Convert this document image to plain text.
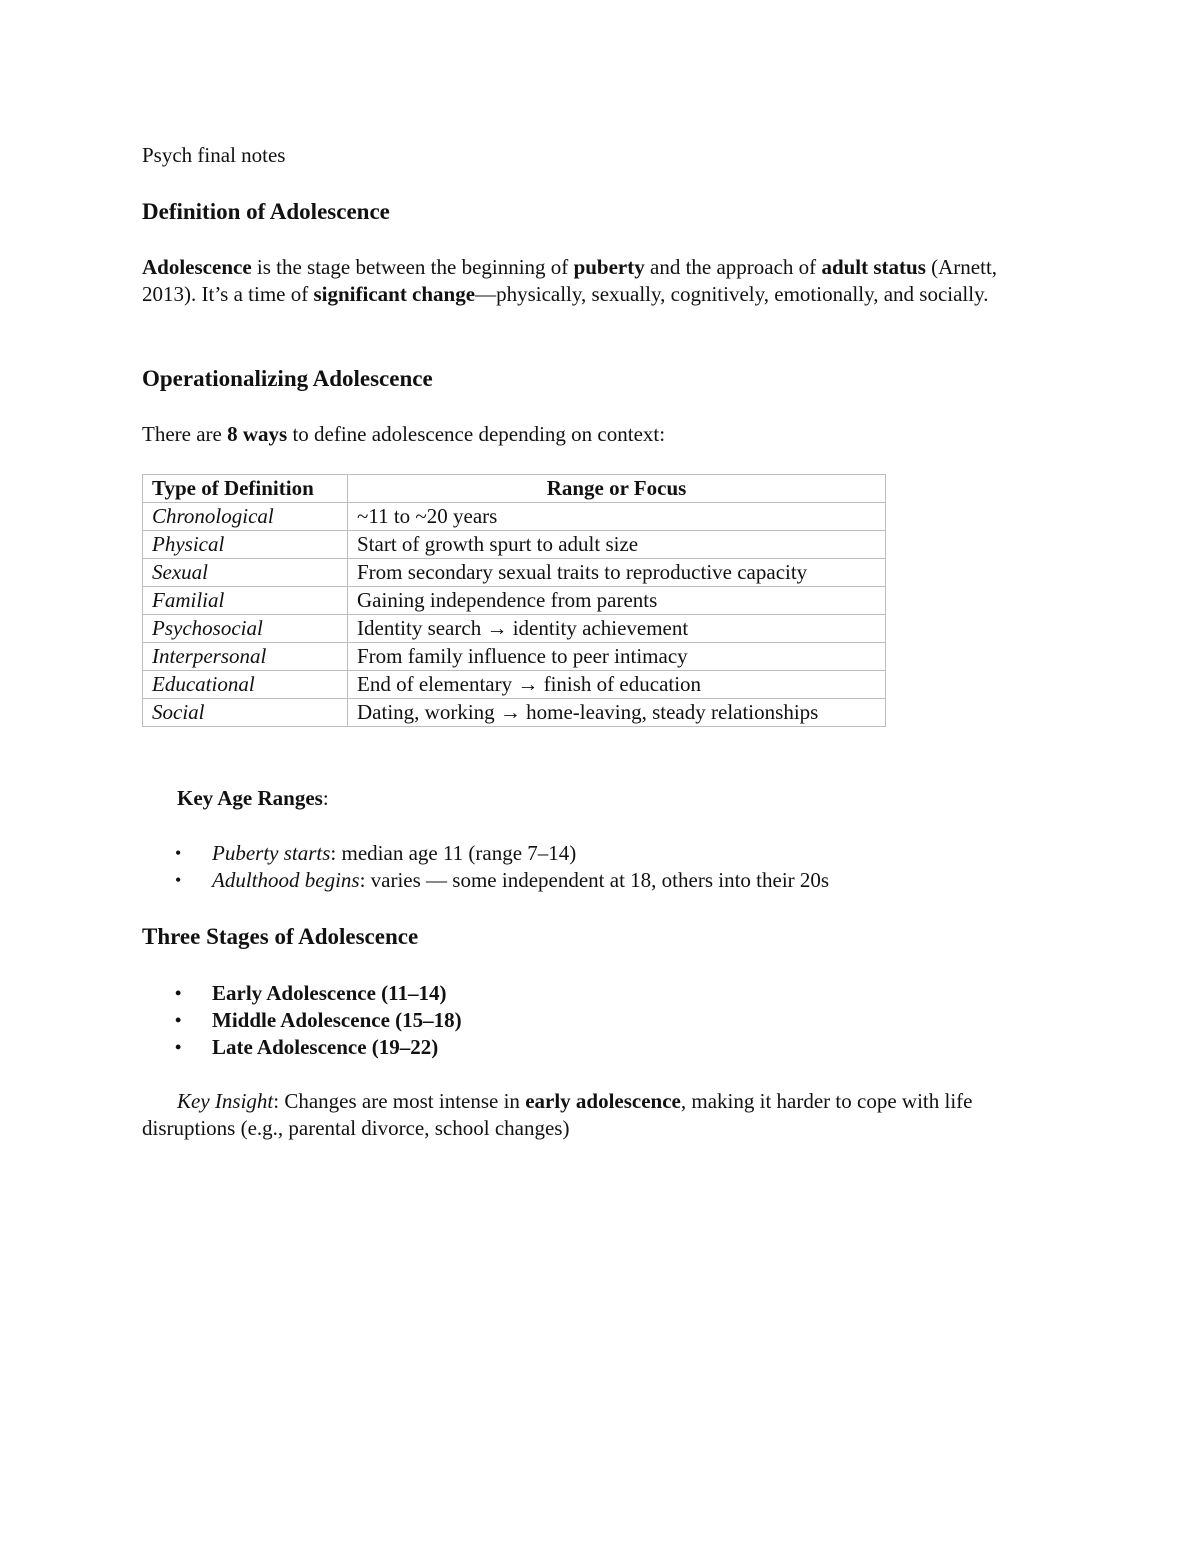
Psych final notes

Definition of Adolescence

Adolescence is the stage between the beginning of puberty and the approach of adult status (Arnett, 2013). It’s a time of significant change—physically, sexually, cognitively, emotionally, and socially.

Operationalizing Adolescence

There are 8 ways to define adolescence depending on context:

Type of Definition	Range or Focus
Chronological	~11 to ~20 years
Physical	Start of growth spurt to adult size
Sexual	From secondary sexual traits to reproductive capacity
Familial	Gaining independence from parents
Psychosocial	Identity search → identity achievement
Interpersonal	From family influence to peer intimacy
Educational	End of elementary → finish of education
Social	Dating, working → home-leaving, steady relationships

Key Age Ranges:

• Puberty starts: median age 11 (range 7–14)
• Adulthood begins: varies — some independent at 18, others into their 20s
Three Stages of Adolescence
• Early Adolescence (11–14)
• Middle Adolescence (15–18)
• Late Adolescence (19–22)

Key Insight: Changes are most intense in early adolescence, making it harder to cope with life disruptions (e.g., parental divorce, school changes)
